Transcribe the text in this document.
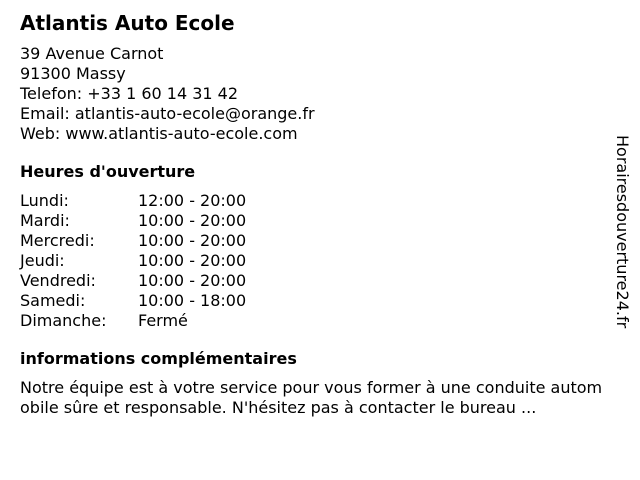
Atlantis Auto Ecole
39 Avenue Carnot
91300 Massy
Telefon: +33 1 60 14 31 42
Email: atlantis-auto-ecole@orange.fr
Web: www.atlantis-auto-ecole.com
Heures d'ouverture
Lundi:	12:00 - 20:00
Mardi:	10:00 - 20:00
Mercredi:	10:00 - 20:00
Jeudi:	10:00 - 20:00
Vendredi:	10:00 - 20:00
Samedi:	10:00 - 18:00
Dimanche:	Fermé
informations complémentaires
Notre équipe est à votre service pour vous former à une conduite automobile sûre et responsable. N'hésitez pas à contacter le bureau ...
Horairesdouverture24.fr
